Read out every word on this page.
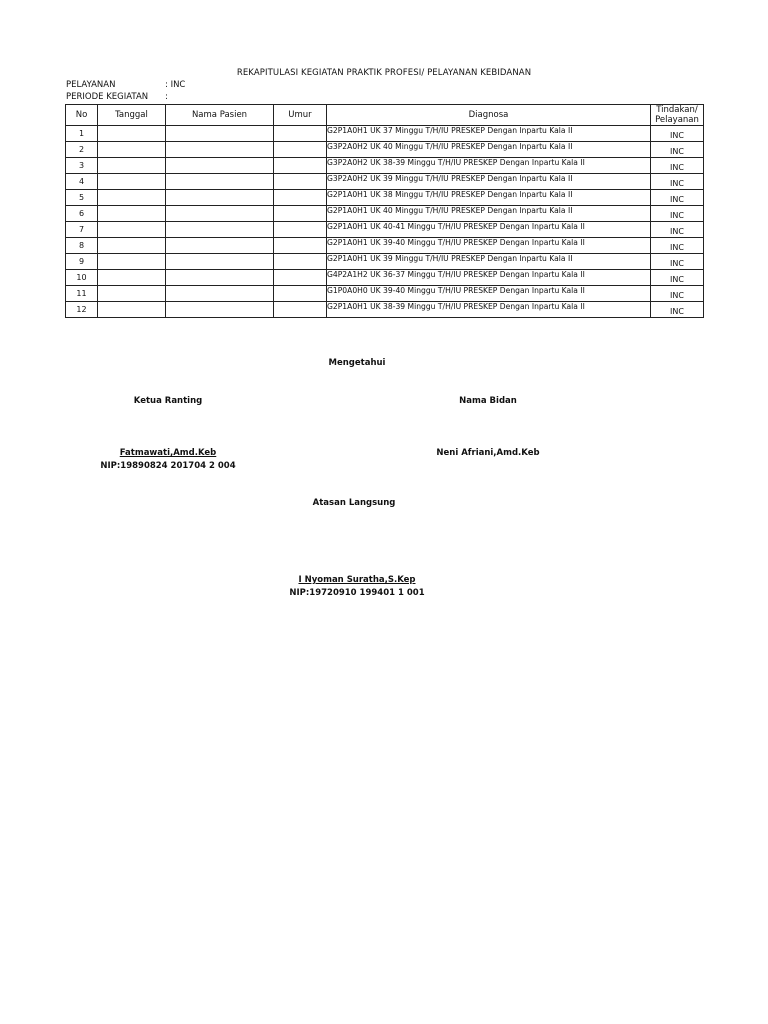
REKAPITULASI KEGIATAN PRAKTIK PROFESI/ PELAYANAN KEBIDANAN
PELAYANAN	: INC
PERIODE KEGIATAN :
No	Tanggal	Nama Pasien	Umur	Diagnosa	Tindakan/
Pelayanan

1				G2P1A0H1 UK 37 Minggu T/H/IU PRESKEP Dengan Inpartu Kala II	INC
2				G3P2A0H2 UK 40 Minggu T/H/IU PRESKEP Dengan Inpartu Kala II	INC
3				G3P2A0H2 UK 38-39 Minggu T/H/IU PRESKEP Dengan Inpartu Kala II	INC
4				G3P2A0H2 UK 39 Minggu T/H/IU PRESKEP Dengan Inpartu Kala II	INC
5				G2P1A0H1 UK 38 Minggu T/H/IU PRESKEP Dengan Inpartu Kala II	INC
6				G2P1A0H1 UK 40 Minggu T/H/IU PRESKEP Dengan Inpartu Kala II	INC
7				G2P1A0H1 UK 40-41 Minggu T/H/IU PRESKEP Dengan Inpartu Kala II	INC
8				G2P1A0H1 UK 39-40 Minggu T/H/IU PRESKEP Dengan Inpartu Kala II	INC
9				G2P1A0H1 UK 39 Minggu T/H/IU PRESKEP Dengan Inpartu Kala II	INC
10				G4P2A1H2 UK 36-37 Minggu T/H/IU PRESKEP Dengan Inpartu Kala II	INC
11				G1P0A0H0 UK 39-40 Minggu T/H/IU PRESKEP Dengan Inpartu Kala II	INC
12				G2P1A0H1 UK 38-39 Minggu T/H/IU PRESKEP Dengan Inpartu Kala II	INC
Mengetahui
Ketua Ranting	Nama Bidan
Fatmawati,Amd.Keb	Neni Afriani,Amd.Keb
NIP:19890824 201704 2 004
Atasan Langsung
I Nyoman Suratha,S.Kep
NIP:19720910 199401 1 001
